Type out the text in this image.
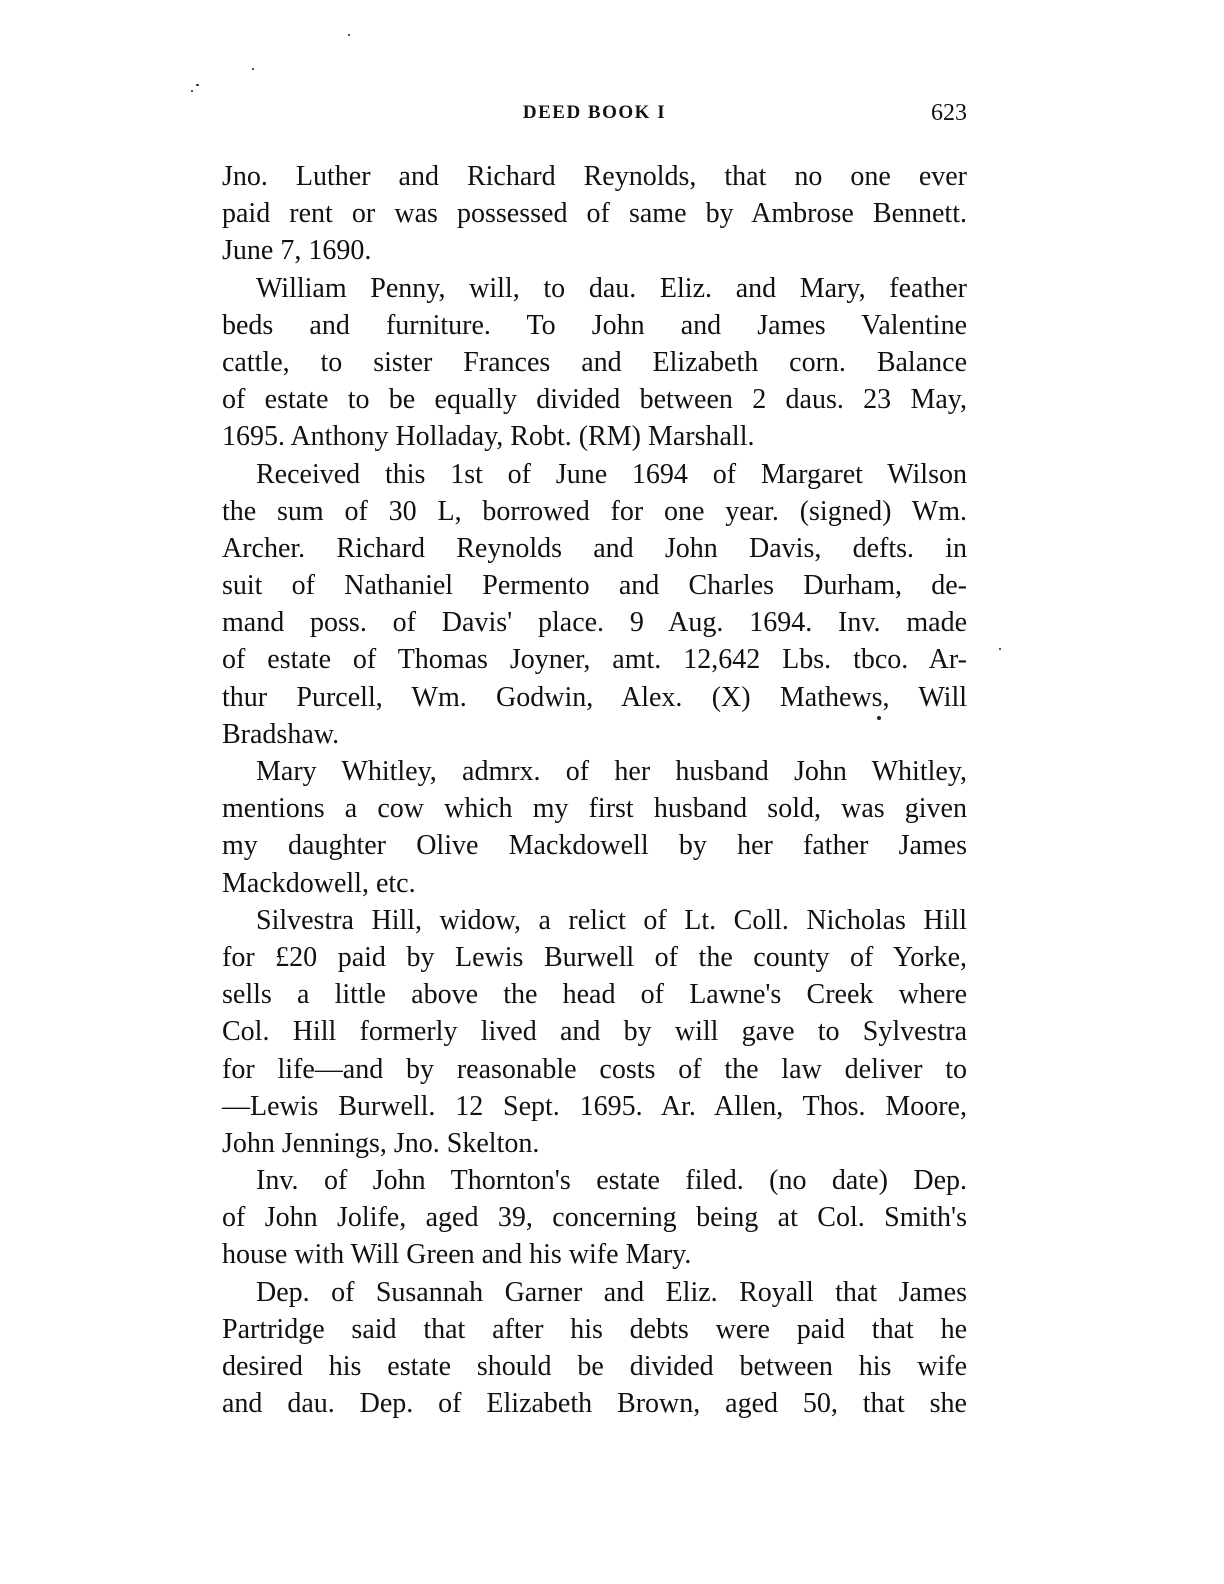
DEED BOOK I	623
Jno. Luther and Richard Reynolds, that no one ever
paid rent or was possessed of same by Ambrose Bennett.
June 7, 1690.
William Penny, will, to dau. Eliz. and Mary, feather
beds and furniture. To John and James Valentine
cattle, to sister Frances and Elizabeth corn. Balance
of estate to be equally divided between 2 daus. 23 May,
1695. Anthony Holladay, Robt. (RM) Marshall.
Received this 1st of June 1694 of Margaret Wilson
the sum of 30 L, borrowed for one year. (signed) Wm.
Archer. Richard Reynolds and John Davis, defts. in
suit of Nathaniel Permento and Charles Durham, de-
mand poss. of Davis' place. 9 Aug. 1694. Inv. made
of estate of Thomas Joyner, amt. 12,642 Lbs. tbco. Ar-
thur Purcell, Wm. Godwin, Alex. (X) Mathews, Will
Bradshaw.
Mary Whitley, admrx. of her husband John Whitley,
mentions a cow which my first husband sold, was given
my daughter Olive Mackdowell by her father James
Mackdowell, etc.
Silvestra Hill, widow, a relict of Lt. Coll. Nicholas Hill
for £20 paid by Lewis Burwell of the county of Yorke,
sells a little above the head of Lawne's Creek where
Col. Hill formerly lived and by will gave to Sylvestra
for life—and by reasonable costs of the law deliver to
—Lewis Burwell. 12 Sept. 1695. Ar. Allen, Thos. Moore,
John Jennings, Jno. Skelton.
Inv. of John Thornton's estate filed. (no date) Dep.
of John Jolife, aged 39, concerning being at Col. Smith's
house with Will Green and his wife Mary.
Dep. of Susannah Garner and Eliz. Royall that James
Partridge said that after his debts were paid that he
desired his estate should be divided between his wife
and dau. Dep. of Elizabeth Brown, aged 50, that she
